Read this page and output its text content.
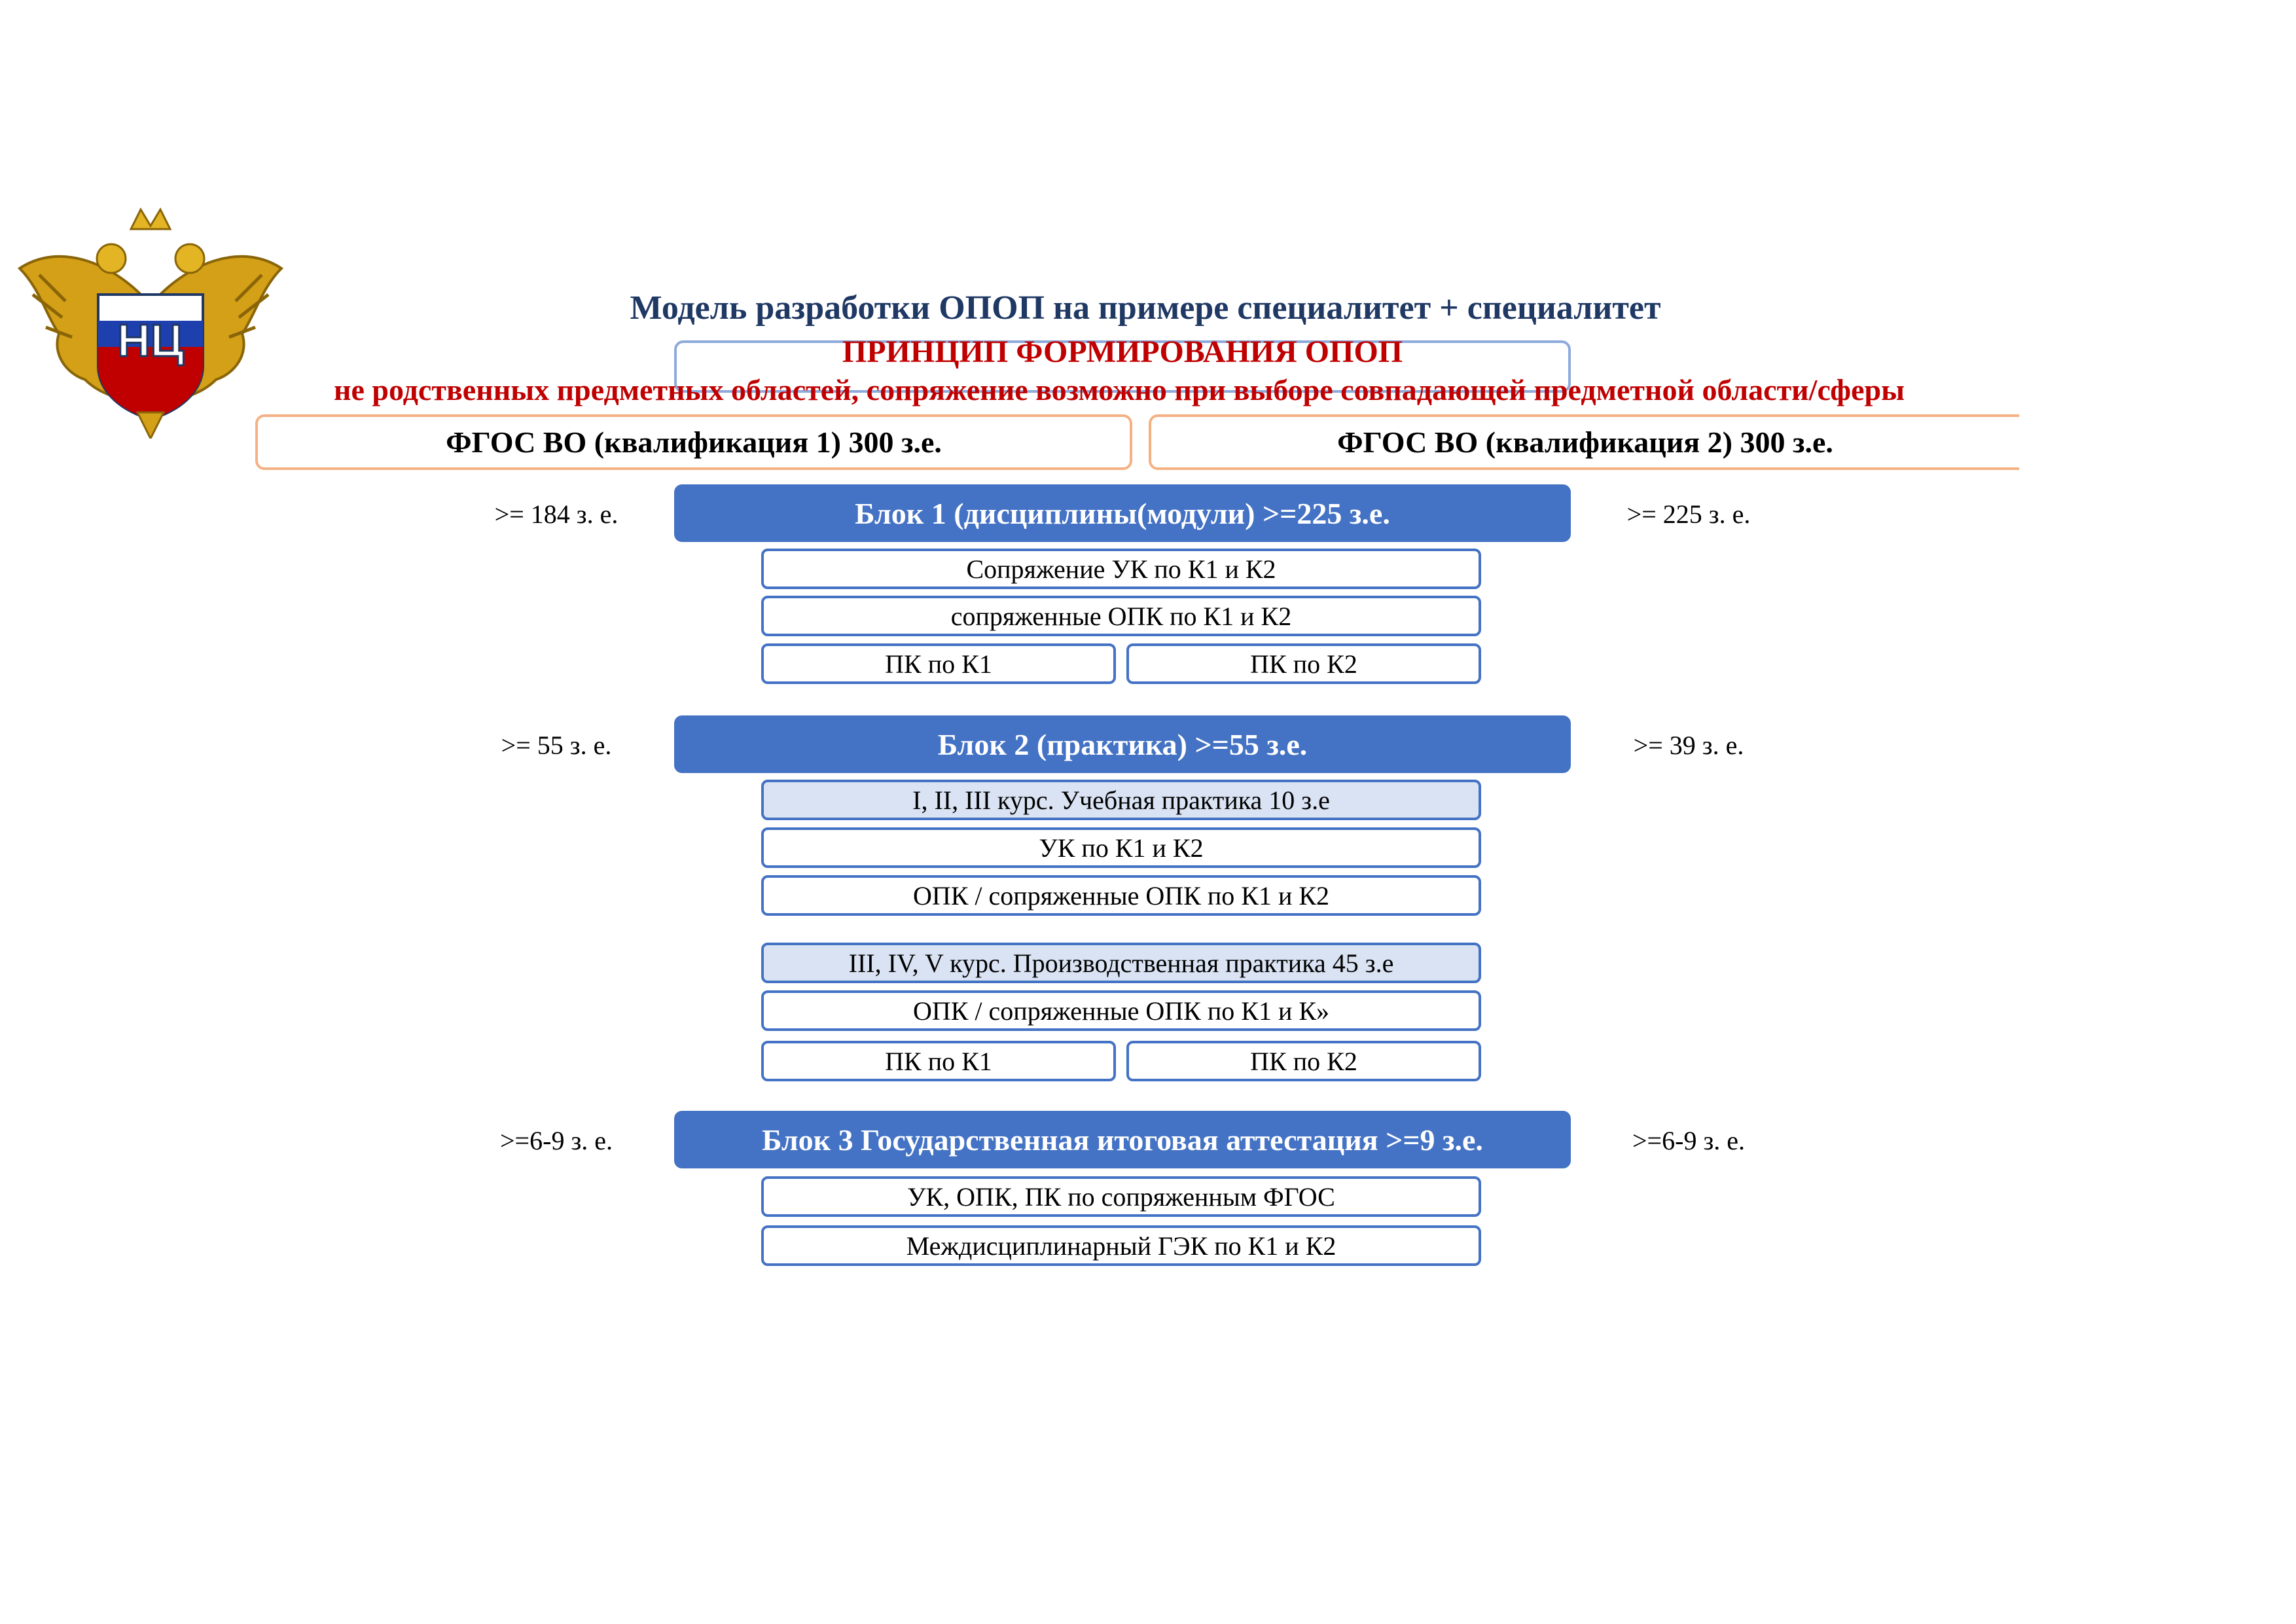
НЦ
Модель разработки ОПОП на примере специалитет + специалитет
ПРИНЦИП ФОРМИРОВАНИЯ ОПОП
не родственных предметных областей, сопряжение возможно при выборе совпадающей предметной области/сферы
ФГОС ВО (квалификация 1) 300 з.е.	ФГОС ВО (квалификация 2) 300 з.е.
>= 184 з. е.	Блок 1 (дисциплины(модули) >=225 з.е.	>= 225 з. е.
Сопряжение УК по К1 и К2
сопряженные ОПК по К1 и К2
ПК по К1	ПК по К2
>= 55 з. е.	Блок 2 (практика) >=55 з.е.	>= 39 з. е.
I, II, III курс. Учебная практика 10 з.е
УК по К1 и К2
ОПК / сопряженные ОПК по К1 и К2
III, IV, V курс. Производственная практика 45 з.е
ОПК / сопряженные ОПК по К1 и К»
ПК по К1	ПК по К2
>=6-9 з. е.	Блок 3 Государственная итоговая аттестация >=9 з.е.	>=6-9 з. е.
УК, ОПК, ПК по сопряженным ФГОС
Междисциплинарный ГЭК по К1 и К2
